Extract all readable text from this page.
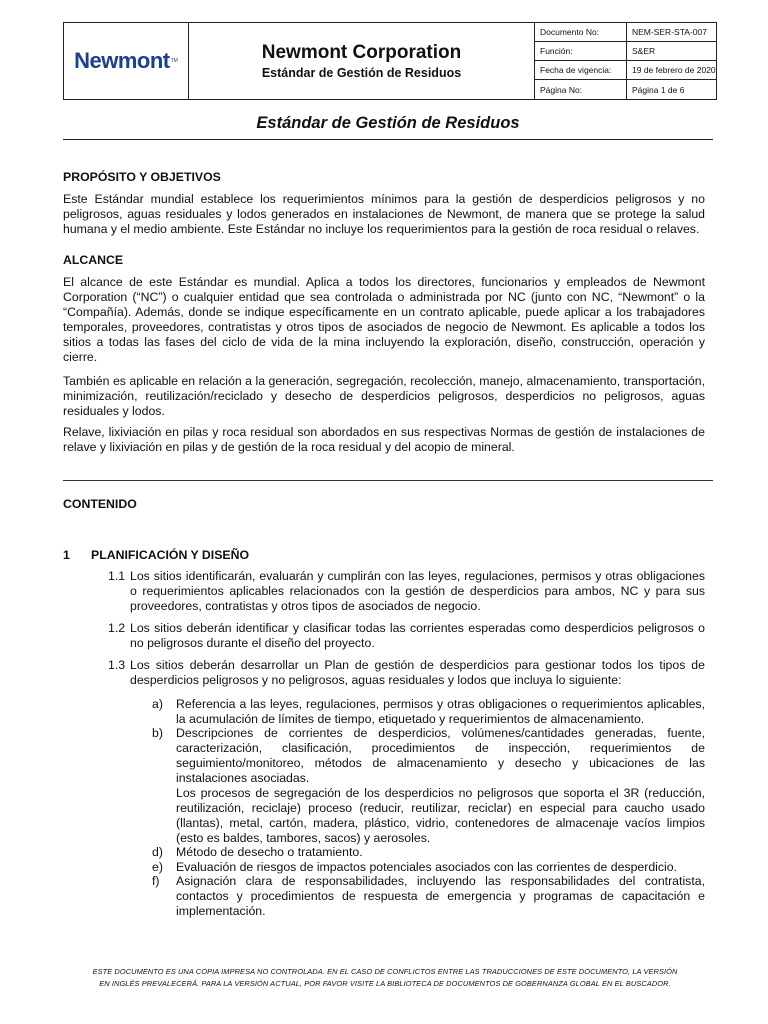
Newmont TM	Newmont Corporation
Estándar de Gestión de Residuos
Documento No:	NEM-SER-STA-007
Función:	S&ER
Fecha de vigencia:	19 de febrero de 2020
Página No:	Página 1 de 6
Estándar de Gestión de Residuos
PROPÓSITO Y OBJETIVOS
Este Estándar mundial establece los requerimientos mínimos para la gestión de desperdicios peligrosos y no peligrosos, aguas residuales y lodos generados en instalaciones de Newmont, de manera que se protege la salud humana y el medio ambiente. Este Estándar no incluye los requerimientos para la gestión de roca residual o relaves.
ALCANCE
El alcance de este Estándar es mundial. Aplica a todos los directores, funcionarios y empleados de Newmont Corporation (“NC”) o cualquier entidad que sea controlada o administrada por NC (junto con NC, “Newmont” o la “Compañía). Además, donde se indique específicamente en un contrato aplicable, puede aplicar a los trabajadores temporales, proveedores, contratistas y otros tipos de asociados de negocio de Newmont. Es aplicable a todos los sitios a todas las fases del ciclo de vida de la mina incluyendo la exploración, diseño, construcción, operación y cierre.
También es aplicable en relación a la generación, segregación, recolección, manejo, almacenamiento, transportación, minimización, reutilización/reciclado y desecho de desperdicios peligrosos, desperdicios no peligrosos, aguas residuales y lodos.
Relave, lixiviación en pilas y roca residual son abordados en sus respectivas Normas de gestión de instalaciones de relave y lixiviación en pilas y de gestión de la roca residual y del acopio de mineral.
CONTENIDO
1 PLANIFICACIÓN Y DISEÑO
1.1 Los sitios identificarán, evaluarán y cumplirán con las leyes, regulaciones, permisos y otras obligaciones o requerimientos aplicables relacionados con la gestión de desperdicios para ambos, NC y para sus proveedores, contratistas y otros tipos de asociados de negocio.
1.2 Los sitios deberán identificar y clasificar todas las corrientes esperadas como desperdicios peligrosos o no peligrosos durante el diseño del proyecto.
1.3 Los sitios deberán desarrollar un Plan de gestión de desperdicios para gestionar todos los tipos de desperdicios peligrosos y no peligrosos, aguas residuales y lodos que incluya lo siguiente:
a) Referencia a las leyes, regulaciones, permisos y otras obligaciones o requerimientos aplicables, la acumulación de límites de tiempo, etiquetado y requerimientos de almacenamiento.
b) Descripciones de corrientes de desperdicios, volúmenes/cantidades generadas, fuente, caracterización, clasificación, procedimientos de inspección, requerimientos de seguimiento/monitoreo, métodos de almacenamiento y desecho y ubicaciones de las instalaciones asociadas.
Los procesos de segregación de los desperdicios no peligrosos que soporta el 3R (reducción, reutilización, reciclaje) proceso (reducir, reutilizar, reciclar) en especial para caucho usado (llantas), metal, cartón, madera, plástico, vidrio, contenedores de almacenaje vacíos limpios (esto es baldes, tambores, sacos) y aerosoles.
d) Método de desecho o tratamiento.
e) Evaluación de riesgos de impactos potenciales asociados con las corrientes de desperdicio.
f) Asignación clara de responsabilidades, incluyendo las responsabilidades del contratista, contactos y procedimientos de respuesta de emergencia y programas de capacitación e implementación.
ESTE DOCUMENTO ES UNA COPIA IMPRESA NO CONTROLADA. EN EL CASO DE CONFLICTOS ENTRE LAS TRADUCCIONES DE ESTE DOCUMENTO, LA VERSIÓN
EN INGLÉS PREVALECERÁ. PARA LA VERSIÓN ACTUAL, POR FAVOR VISITE LA BIBLIOTECA DE DOCUMENTOS DE GOBERNANZA GLOBAL EN EL BUSCADOR.
